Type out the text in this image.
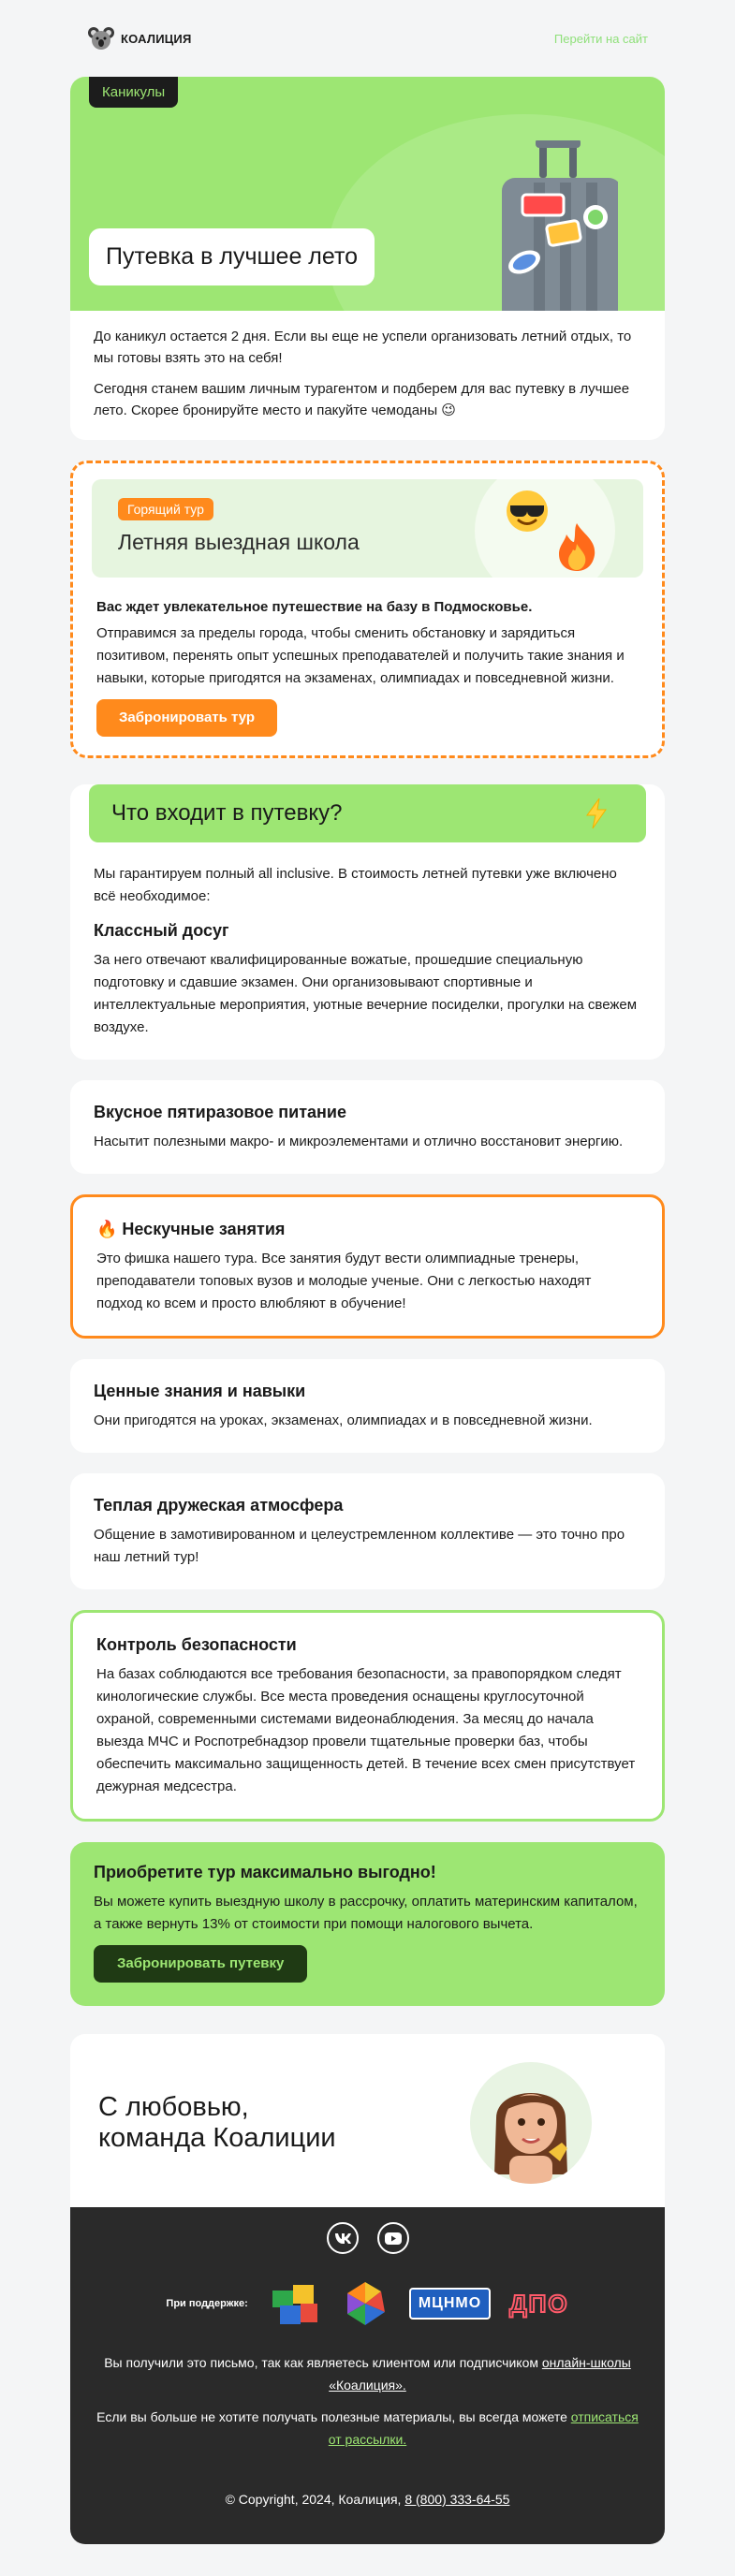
КОАЛИЦИЯ	Перейти на сайт
Каникулы
Путевка в лучшее лето

До каникул остается 2 дня. Если вы еще не успели организовать летний отдых, то мы готовы взять это на себя!

Сегодня станем вашим личным турагентом и подберем для вас путевку в лучшее лето. Скорее бронируйте место и пакуйте чемоданы 😉

Горящий тур
Летняя выездная школа
Вас ждет увлекательное путешествие на базу в Подмосковье.

Отправимся за пределы города, чтобы сменить обстановку и зарядиться позитивом, перенять опыт успешных преподавателей и получить такие знания и навыки, которые пригодятся на экзаменах, олимпиадах и повседневной жизни.

Забронировать тур
Что входит в путевку?

Мы гарантируем полный all inclusive. В стоимость летней путевки уже включено всё необходимое:

Классный досуг

За него отвечают квалифицированные вожатые, прошедшие специальную подготовку и сдавшие экзамен. Они организовывают спортивные и интеллектуальные мероприятия, уютные вечерние посиделки, прогулки на свежем воздухе.

Вкусное пятиразовое питание

Насытит полезными макро- и микроэлементами и отлично восстановит энергию.

🔥 Нескучные занятия

Это фишка нашего тура. Все занятия будут вести олимпиадные тренеры, преподаватели топовых вузов и молодые ученые. Они с легкостью находят подход ко всем и просто влюбляют в обучение!

Ценные знания и навыки

Они пригодятся на уроках, экзаменах, олимпиадах и в повседневной жизни.

Теплая дружеская атмосфера

Общение в замотивированном и целеустремленном коллективе — это точно про наш летний тур!

Контроль безопасности

На базах соблюдаются все требования безопасности, за правопорядком следят кинологические службы. Все места проведения оснащены круглосуточной охраной, современными системами видеонаблюдения. За месяц до начала выезда МЧС и Роспотребнадзор провели тщательные проверки баз, чтобы обеспечить максимально защищенность детей. В течение всех смен присутствует дежурная медсестра.

Приобретите тур максимально выгодно!

Вы можете купить выездную школу в рассрочку, оплатить материнским капиталом, а также вернуть 13% от стоимости при помощи налогового вычета.

Забронировать путевку
С любовью,
команда Коалиции
При поддержке:	МЦНМО	ДПО

Вы получили это письмо, так как являетесь клиентом или подписчиком онлайн-школы «Коалиция».

Если вы больше не хотите получать полезные материалы, вы всегда можете отписаться от рассылки.

© Copyright, 2024, Коалиция, 8 (800) 333-64-55
